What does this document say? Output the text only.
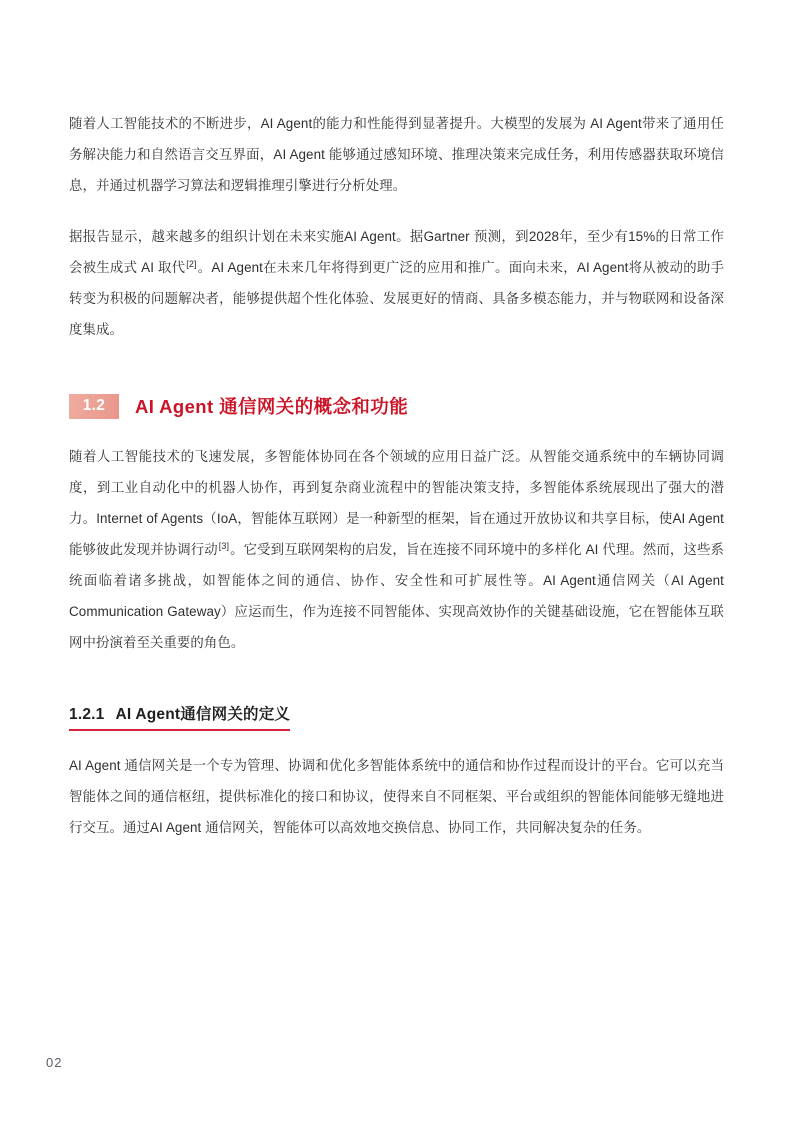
随着人工智能技术的不断进步，AI Agent的能力和性能得到显著提升。大模型的发展为 AI Agent带来了通用任务解决能力和自然语言交互界面，AI Agent 能够通过感知环境、推理决策来完成任务，利用传感器获取环境信息，并通过机器学习算法和逻辑推理引擎进行分析处理。

据报告显示，越来越多的组织计划在未来实施AI Agent。据Gartner 预测，到2028年，至少有15%的日常工作会被生成式 AI 取代[2]。AI Agent在未来几年将得到更广泛的应用和推广。面向未来，AI Agent将从被动的助手转变为积极的问题解决者，能够提供超个性化体验、发展更好的情商、具备多模态能力，并与物联网和设备深度集成。

1.2	AI Agent 通信网关的概念和功能

随着人工智能技术的飞速发展，多智能体协同在各个领域的应用日益广泛。从智能交通系统中的车辆协同调度，到工业自动化中的机器人协作，再到复杂商业流程中的智能决策支持，多智能体系统展现出了强大的潜力。Internet of Agents（IoA，智能体互联网）是一种新型的框架，旨在通过开放协议和共享目标，使AI Agent能够彼此发现并协调行动[3]。它受到互联网架构的启发，旨在连接不同环境中的多样化 AI 代理。然而，这些系统面临着诸多挑战，如智能体之间的通信、协作、安全性和可扩展性等。AI Agent通信网关（AI Agent Communication Gateway）应运而生，作为连接不同智能体、实现高效协作的关键基础设施，它在智能体互联网中扮演着至关重要的角色。

1.2.1 AI Agent通信网关的定义

AI Agent 通信网关是一个专为管理、协调和优化多智能体系统中的通信和协作过程而设计的平台。它可以充当智能体之间的通信枢纽，提供标准化的接口和协议，使得来自不同框架、平台或组织的智能体间能够无缝地进行交互。通过AI Agent 通信网关，智能体可以高效地交换信息、协同工作，共同解决复杂的任务。

02
